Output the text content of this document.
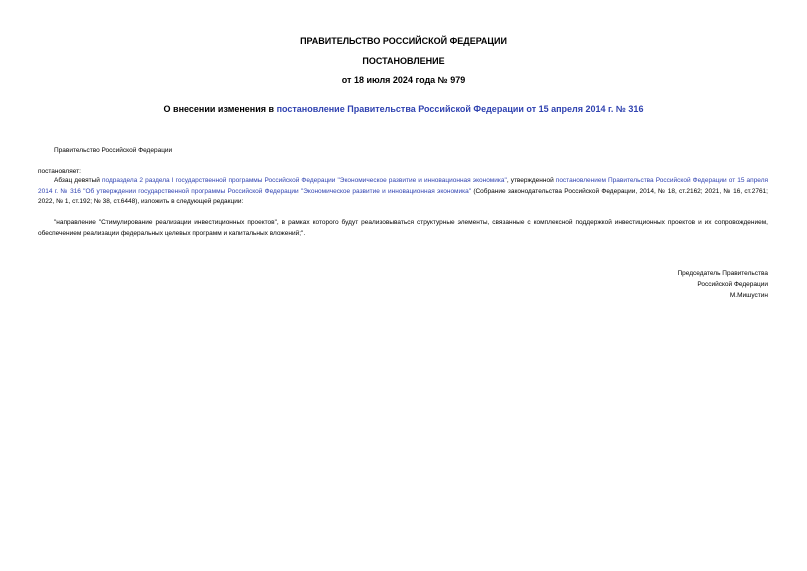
ПРАВИТЕЛЬСТВО РОССИЙСКОЙ ФЕДЕРАЦИИ
ПОСТАНОВЛЕНИЕ
от 18 июля 2024 года № 979
О внесении изменения в постановление Правительства Российской Федерации от 15 апреля 2014 г. № 316
Правительство Российской Федерации
постановляет:
Абзац девятый подраздела 2 раздела I государственной программы Российской Федерации "Экономическое развитие и инновационная экономика", утвержденной постановлением Правительства Российской Федерации от 15 апреля 2014 г. № 316 "Об утверждении государственной программы Российской Федерации "Экономическое развитие и инновационная экономика" (Собрание законодательства Российской Федерации, 2014, № 18, ст.2162; 2021, № 16, ст.2761; 2022, № 1, ст.192; № 38, ст.6448), изложить в следующей редакции:
"направление "Стимулирование реализации инвестиционных проектов", в рамках которого будут реализовываться структурные элементы, связанные с комплексной поддержкой инвестиционных проектов и их сопровождением, обеспечением реализации федеральных целевых программ и капитальных вложений;".
Председатель Правительства
Российской Федерации
М.Мишустин
